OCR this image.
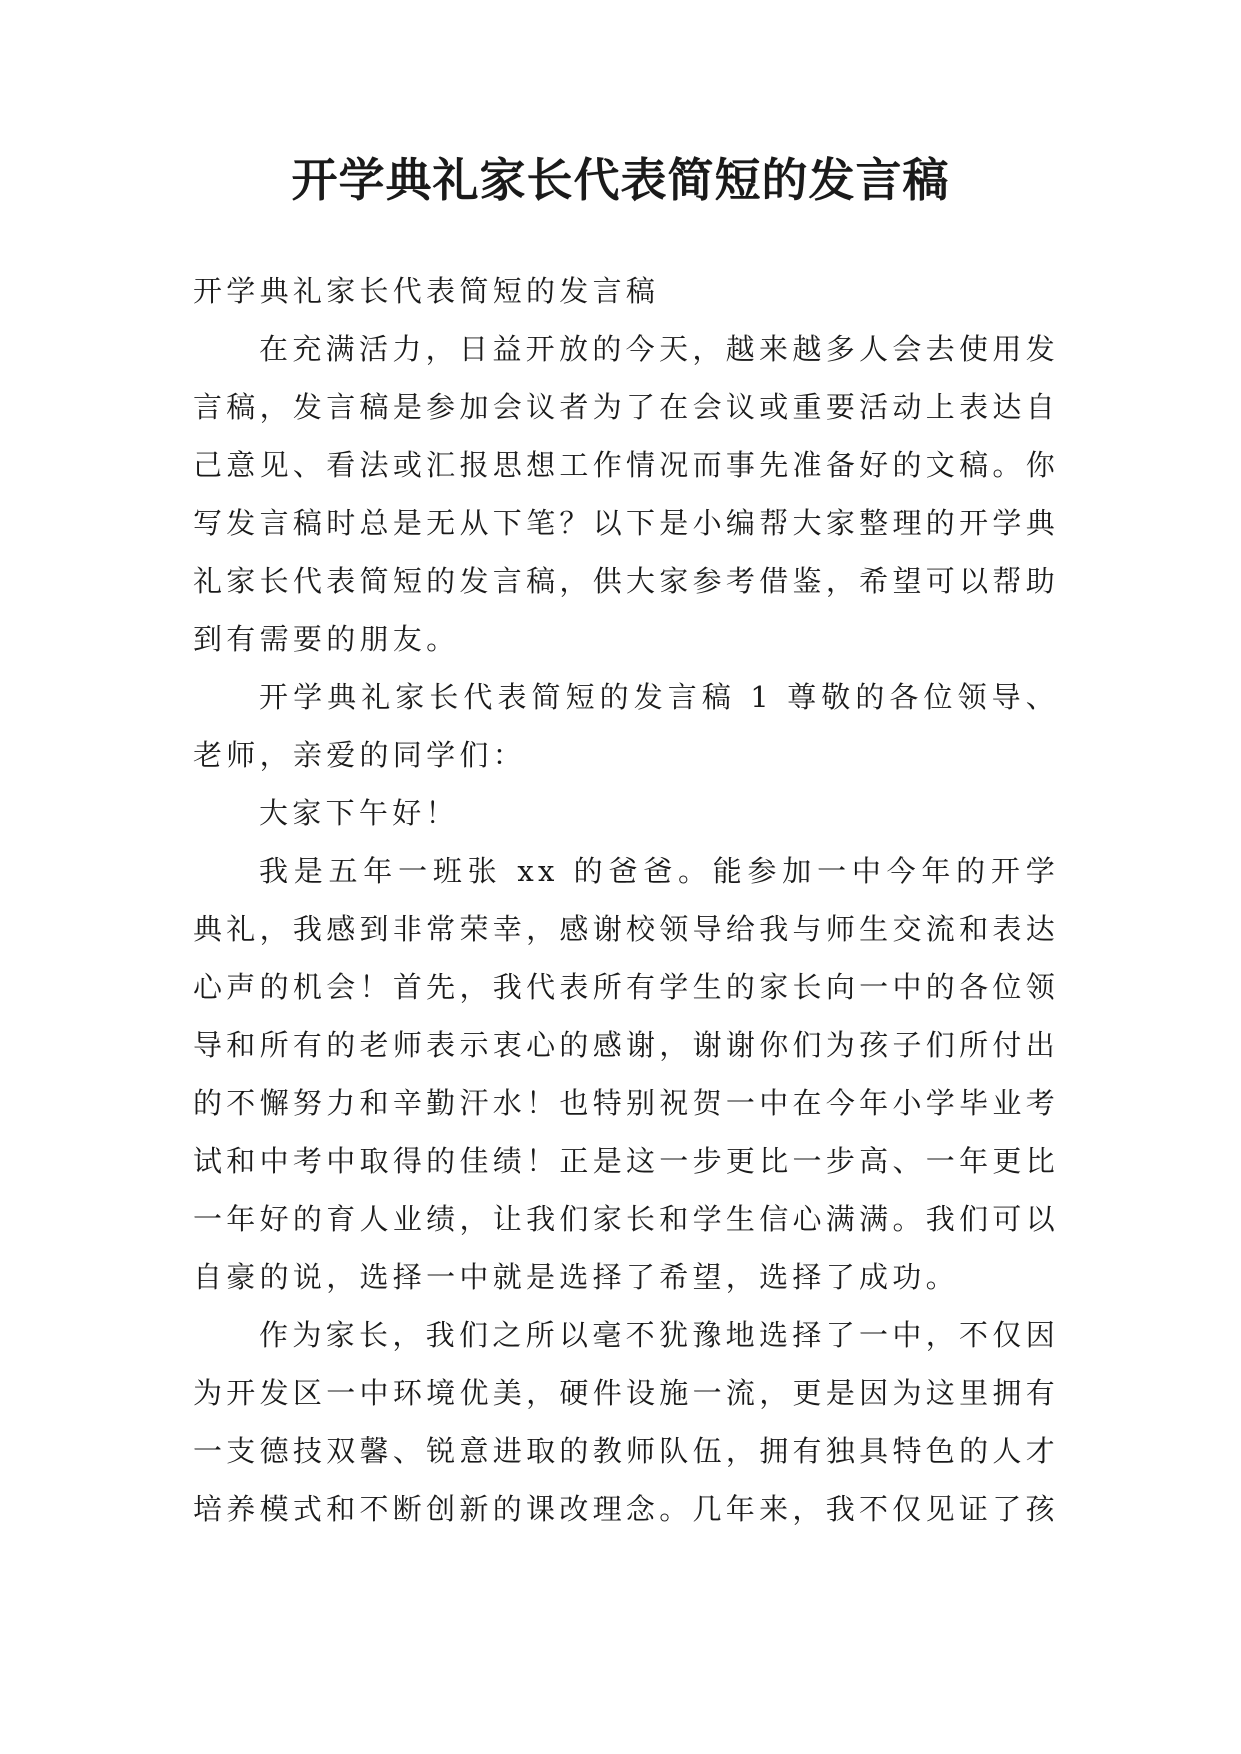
开学典礼家长代表简短的发言稿

开学典礼家长代表简短的发言稿

在充满活力，日益开放的今天，越来越多人会去使用发言稿，发言稿是参加会议者为了在会议或重要活动上表达自己意见、看法或汇报思想工作情况而事先准备好的文稿。你写发言稿时总是无从下笔？以下是小编帮大家整理的开学典礼家长代表简短的发言稿，供大家参考借鉴，希望可以帮助到有需要的朋友。

开学典礼家长代表简短的发言稿 1 尊敬的各位领导、老师，亲爱的同学们：

大家下午好！

我是五年一班张 xx 的爸爸。能参加一中今年的开学典礼，我感到非常荣幸，感谢校领导给我与师生交流和表达心声的机会！首先，我代表所有学生的家长向一中的各位领导和所有的老师表示衷心的感谢，谢谢你们为孩子们所付出的不懈努力和辛勤汗水！也特别祝贺一中在今年小学毕业考试和中考中取得的佳绩！正是这一步更比一步高、一年更比一年好的育人业绩，让我们家长和学生信心满满。我们可以自豪的说，选择一中就是选择了希望，选择了成功。

作为家长，我们之所以毫不犹豫地选择了一中，不仅因为开发区一中环境优美，硬件设施一流，更是因为这里拥有一支德技双馨、锐意进取的教师队伍，拥有独具特色的人才培养模式和不断创新的课改理念。几年来，我不仅见证了孩
